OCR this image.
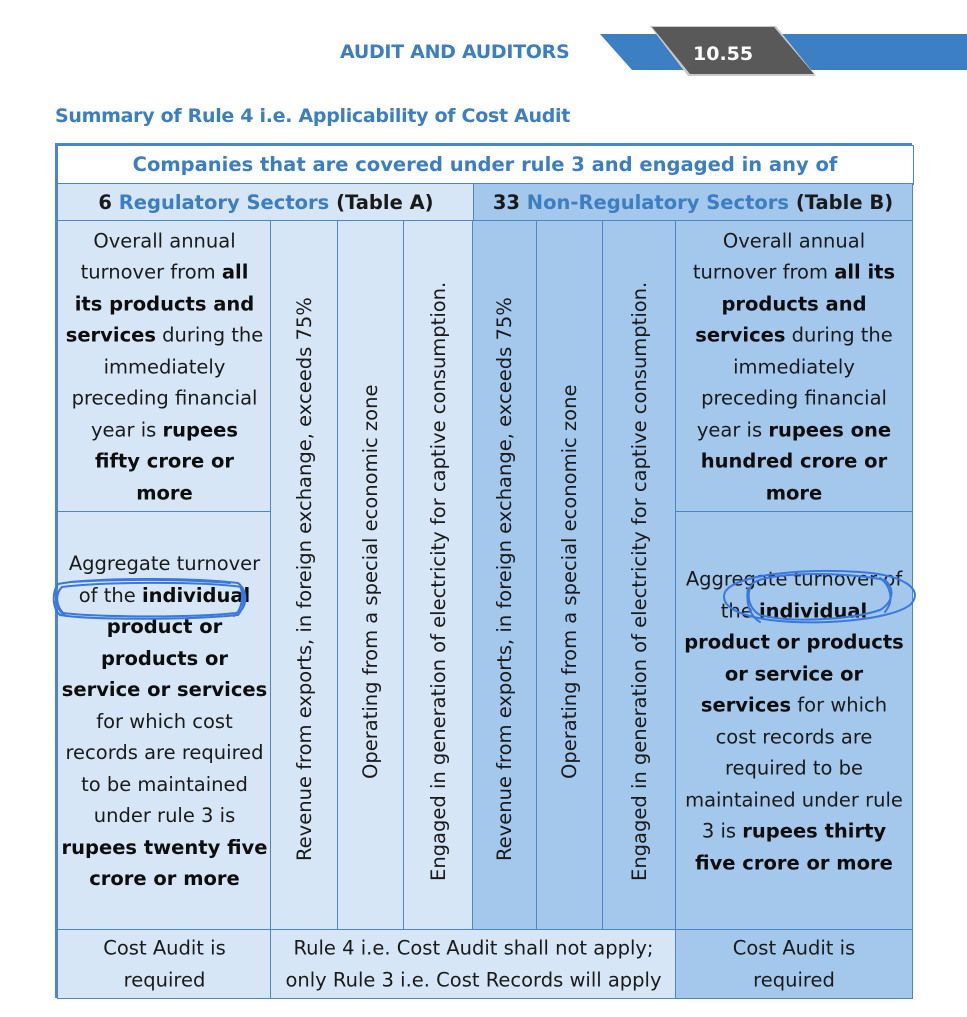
AUDIT AND AUDITORS	10.55
Summary of Rule 4 i.e. Applicability of Cost Audit
Companies that are covered under rule 3 and engaged in any of
6 Regulatory Sectors (Table A)	33 Non-Regulatory Sectors (Table B)
Overall annual turnover from all its products and services during the immediately preceding financial year is rupees fifty crore or more
Aggregate turnover of the individual product or products or service or services for which cost records are required to be maintained under rule 3 is rupees twenty five crore or more
Revenue from exports, in foreign exchange, exceeds 75% Operating from a special economic zone Engaged in generation of electricity for captive consumption. Revenue from exports, in foreign exchange, exceeds 75% Operating from a special economic zone Engaged in generation of electricity for captive consumption.
Overall annual turnover from all its products and services during the immediately preceding financial year is rupees one hundred crore or more
Aggregate turnover of the individual product or products or service or services for which cost records are required to be maintained under rule 3 is rupees thirty five crore or more
Cost Audit is required
Rule 4 i.e. Cost Audit shall not apply; only Rule 3 i.e. Cost Records will apply
Cost Audit is required
